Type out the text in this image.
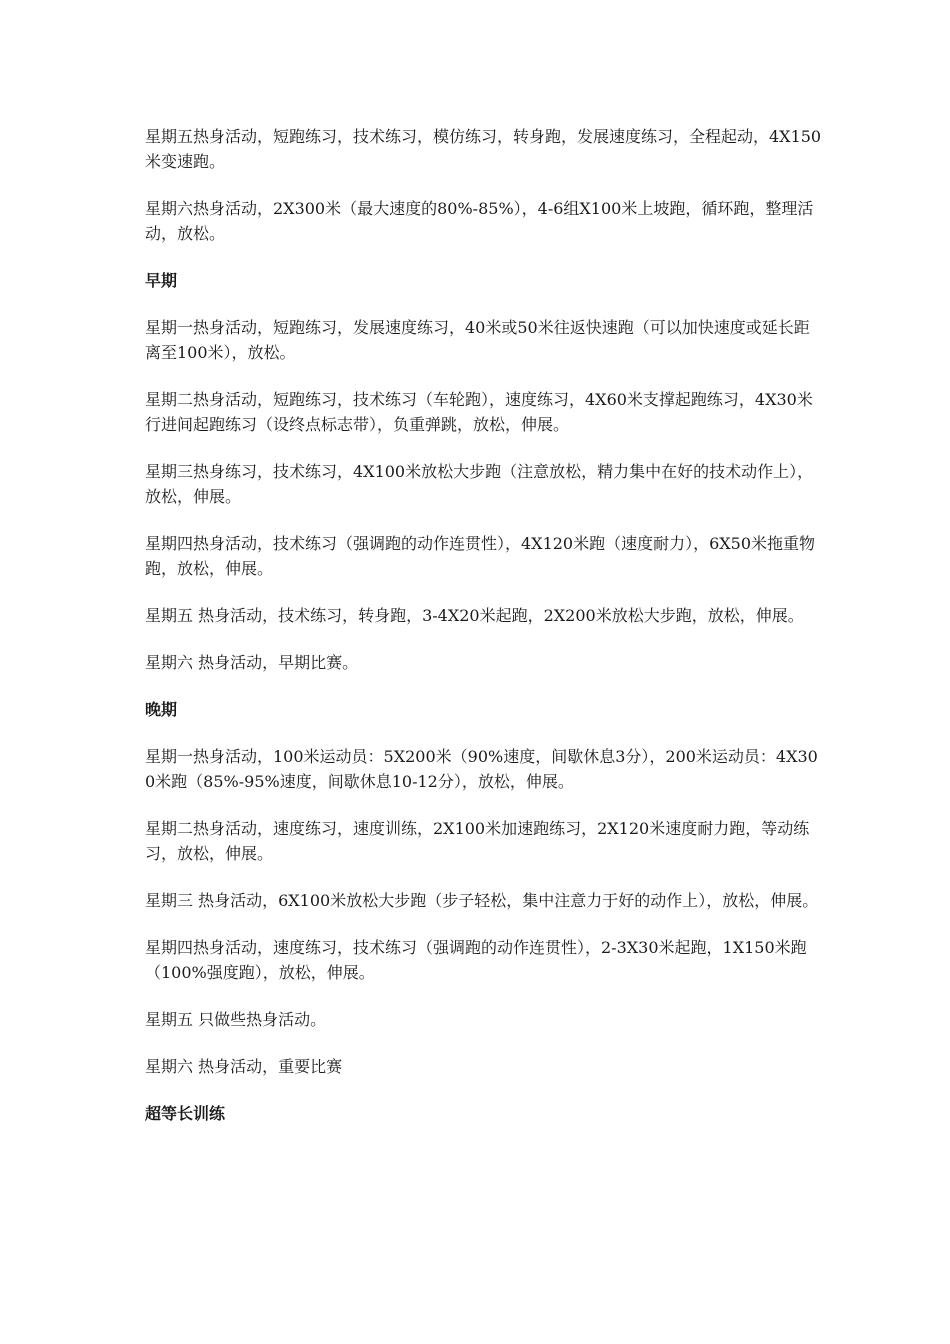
星期五热身活动，短跑练习，技术练习，模仿练习，转身跑，发展速度练习，全程起动，4X150米变速跑。

星期六热身活动，2X300米（最大速度的80%-85%），4-6组X100米上坡跑，循环跑，整理活动，放松。

早期

星期一热身活动，短跑练习，发展速度练习，40米或50米往返快速跑（可以加快速度或延长距离至100米），放松。

星期二热身活动，短跑练习，技术练习（车轮跑），速度练习，4X60米支撑起跑练习，4X30米行进间起跑练习（设终点标志带），负重弹跳，放松，伸展。

星期三热身练习，技术练习，4X100米放松大步跑（注意放松，精力集中在好的技术动作上），放松，伸展。

星期四热身活动，技术练习（强调跑的动作连贯性），4X120米跑（速度耐力），6X50米拖重物跑，放松，伸展。

星期五 热身活动，技术练习，转身跑，3-4X20米起跑，2X200米放松大步跑，放松，伸展。

星期六 热身活动，早期比赛。

晚期

星期一热身活动，100米运动员：5X200米（90%速度，间歇休息3分），200米运动员：4X300米跑（85%-95%速度，间歇休息10-12分），放松，伸展。

星期二热身活动，速度练习，速度训练，2X100米加速跑练习，2X120米速度耐力跑，等动练习，放松，伸展。

星期三 热身活动，6X100米放松大步跑（步子轻松，集中注意力于好的动作上），放松，伸展。

星期四热身活动，速度练习，技术练习（强调跑的动作连贯性），2-3X30米起跑，1X150米跑（100%强度跑），放松，伸展。

星期五 只做些热身活动。

星期六 热身活动，重要比赛

超等长训练
